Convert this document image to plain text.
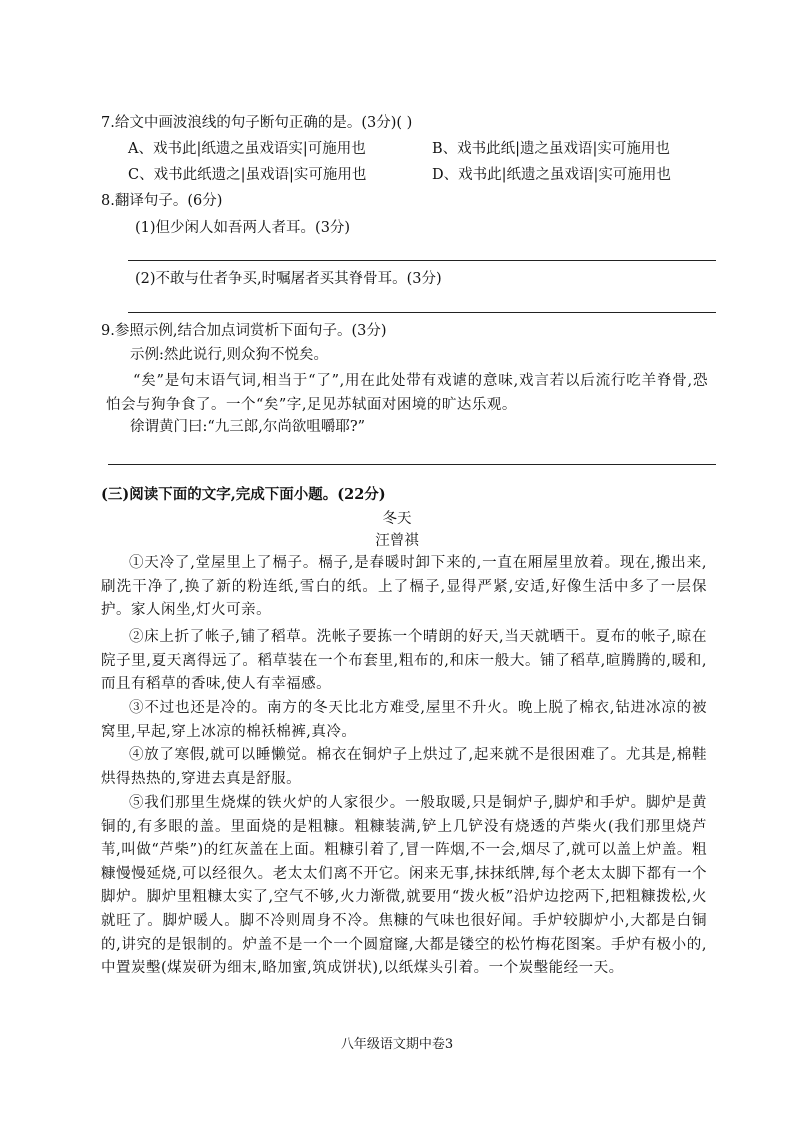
7.给文中画波浪线的句子断句正确的是。(3分)( )
A、戏书此|纸遗之虽戏语实|可施用也	B、戏书此纸|遗之虽戏语|实可施用也
C、戏书此纸遗之|虽戏语|实可施用也	D、戏书此|纸遗之虽戏语|实可施用也
8.翻译句子。(6分)
(1)但少闲人如吾两人者耳。(3分)
(2)不敢与仕者争买,时嘱屠者买其脊骨耳。(3分)
9.参照示例,结合加点词赏析下面句子。(3分)
示例:然此说行,则众狗不悦矣。
“矣”是句末语气词,相当于“了”,用在此处带有戏谑的意味,戏言若以后流行吃羊脊骨,恐怕会与狗争食了。一个“矣”字,足见苏轼面对困境的旷达乐观。
徐谓黄门曰:“九三郎,尔尚欲咀嚼耶?”
(三)阅读下面的文字,完成下面小题。(22分)
冬天
汪曾祺
①天冷了,堂屋里上了槅子。槅子,是春暖时卸下来的,一直在厢屋里放着。现在,搬出来,刷洗干净了,换了新的粉连纸,雪白的纸。上了槅子,显得严紧,安适,好像生活中多了一层保护。家人闲坐,灯火可亲。
②床上折了帐子,铺了稻草。洗帐子要拣一个晴朗的好天,当天就晒干。夏布的帐子,晾在院子里,夏天离得远了。稻草装在一个布套里,粗布的,和床一般大。铺了稻草,暄腾腾的,暖和,而且有稻草的香味,使人有幸福感。
③不过也还是冷的。南方的冬天比北方难受,屋里不升火。晚上脱了棉衣,钻进冰凉的被窝里,早起,穿上冰凉的棉袄棉裤,真冷。
④放了寒假,就可以睡懒觉。棉衣在铜炉子上烘过了,起来就不是很困难了。尤其是,棉鞋烘得热热的,穿进去真是舒服。
⑤我们那里生烧煤的铁火炉的人家很少。一般取暖,只是铜炉子,脚炉和手炉。脚炉是黄铜的,有多眼的盖。里面烧的是粗糠。粗糠装满,铲上几铲没有烧透的芦柴火(我们那里烧芦苇,叫做“芦柴”)的红灰盖在上面。粗糠引着了,冒一阵烟,不一会,烟尽了,就可以盖上炉盖。粗糠慢慢延烧,可以经很久。老太太们离不开它。闲来无事,抹抹纸牌,每个老太太脚下都有一个脚炉。脚炉里粗糠太实了,空气不够,火力渐微,就要用“拨火板”沿炉边挖两下,把粗糠拨松,火就旺了。脚炉暖人。脚不冷则周身不冷。焦糠的气味也很好闻。手炉较脚炉小,大都是白铜的,讲究的是银制的。炉盖不是一个一个圆窟窿,大都是镂空的松竹梅花图案。手炉有极小的,中置炭墼(煤炭研为细末,略加蜜,筑成饼状),以纸煤头引着。一个炭墼能经一天。
八年级语文期中卷3
